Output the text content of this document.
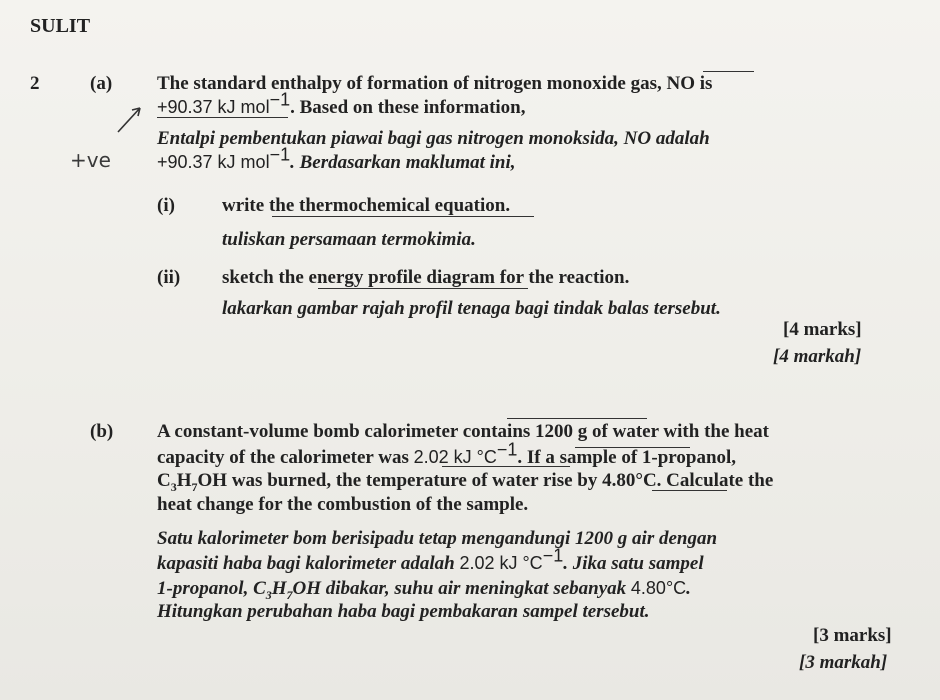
SULIT
2	(a) The standard enthalpy of formation of nitrogen monoxide gas, NO is
+90.37 kJ mol$^{-1}$. Based on these information,
Entalpi pembentukan piawai bagi gas nitrogen monoksida, NO adalah
+90.37 kJ mol$^{-1}$. Berdasarkan maklumat ini,
(i) write the thermochemical equation.
tuliskan persamaan termokimia.
(ii) sketch the energy profile diagram for the reaction.
lakarkan gambar rajah profil tenaga bagi tindak balas tersebut.
[4 marks]
[4 markah]
(b) A constant-volume bomb calorimeter contains 1200 g of water with the heat
capacity of the calorimeter was 2.02 kJ $^\circ C^{-1}$. If a sample of 1-propanol,
$C_3H_7OH$ was burned, the temperature of water rise by 4.80°C. Calculate the
heat change for the combustion of the sample.
Satu kalorimeter bom berisipadu tetap mengandungi 1200 g air dengan
kapasiti haba bagi kalorimeter adalah 2.02 kJ $^\circ C^{-1}$. Jika satu sampel
1-propanol, $C_3H_7OH$ dibakar, suhu air meningkat sebanyak 4.80°C.
Hitungkan perubahan haba bagi pembakaran sampel tersebut.
[3 marks]
[3 markah]
+ve
